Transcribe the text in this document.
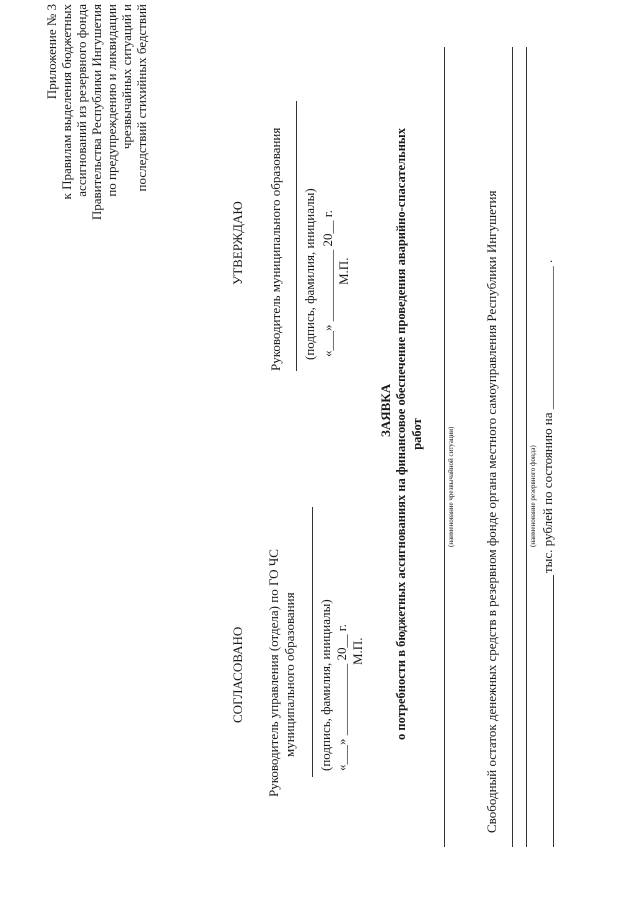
Приложение № 3 к Правилам выделения бюджетных ассигнований из резервного фонда Правительства Республики Ингушетия по предупреждению и ликвидации чрезвычайных ситуаций и последствий стихийных бедствий
УТВЕРЖДАЮ Руководитель муниципального образования (подпись, фамилия, инициалы) «___» ___________ 20__ г. М.П.
СОГЛАСОВАНО Руководитель управления (отдела) по ГО ЧС муниципального образования (подпись, фамилия, инициалы) «___» ___________ 20__ г. М.П.
ЗАЯВКА о потребности в бюджетных ассигнованиях на финансовое обеспечение проведения аварийно-спасательных работ	(наименование чрезвычайной ситуации) Свободный остаток денежных средств в резервном фонде органа местного самоуправления Республики Ингушетия	(наименование резервного фонда) тыс. рублей по состоянию на ______________________ .
